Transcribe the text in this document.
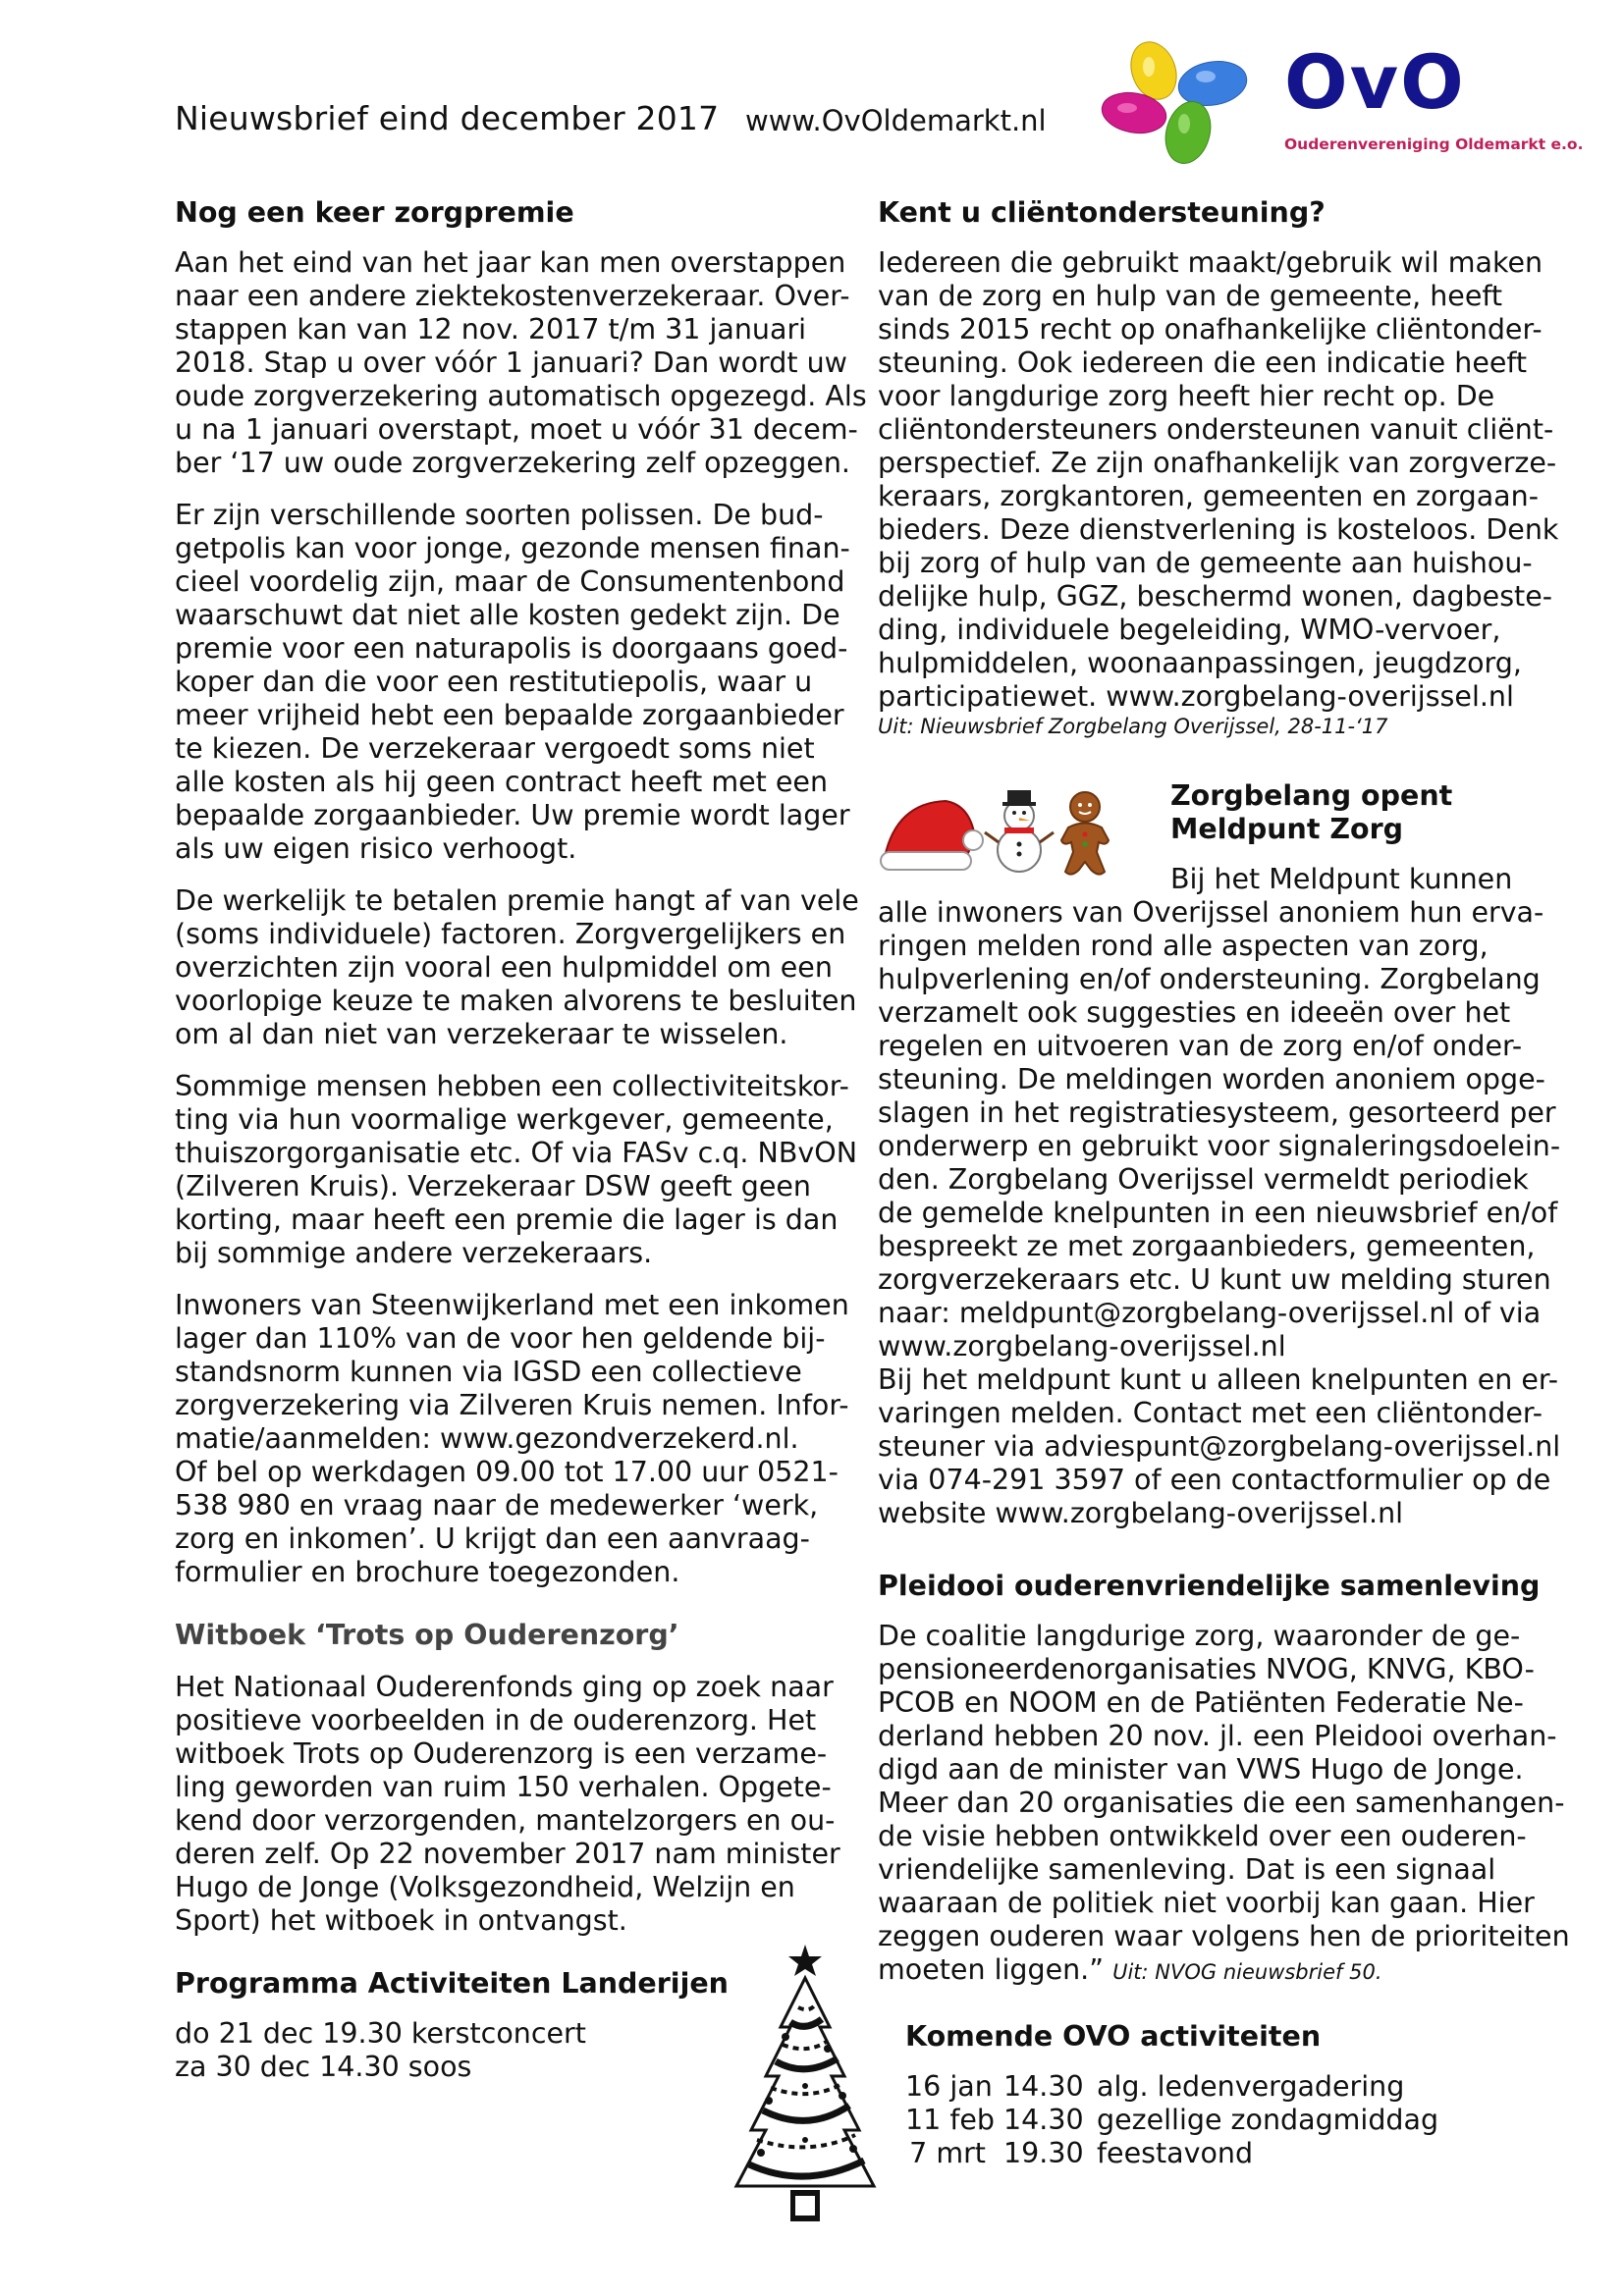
Nieuwsbrief eind december 2017 www.OvOldemarkt.nl	OvO
Ouderenvereniging Oldemarkt e.o.

Nog een keer zorgpremie

Aan het eind van het jaar kan men overstappen

naar een andere ziektekostenverzekeraar. Over-

stappen kan van 12 nov. 2017 t/m 31 januari

2018. Stap u over vóór 1 januari? Dan wordt uw

oude zorgverzekering automatisch opgezegd. Als

u na 1 januari overstapt, moet u vóór 31 decem-

ber ‘17 uw oude zorgverzekering zelf opzeggen.

Er zijn verschillende soorten polissen. De bud-

getpolis kan voor jonge, gezonde mensen finan-

cieel voordelig zijn, maar de Consumentenbond

waarschuwt dat niet alle kosten gedekt zijn. De

premie voor een naturapolis is doorgaans goed-

koper dan die voor een restitutiepolis, waar u

meer vrijheid hebt een bepaalde zorgaanbieder

te kiezen. De verzekeraar vergoedt soms niet

alle kosten als hij geen contract heeft met een

bepaalde zorgaanbieder. Uw premie wordt lager

als uw eigen risico verhoogt.

De werkelijk te betalen premie hangt af van vele

(soms individuele) factoren. Zorgvergelijkers en

overzichten zijn vooral een hulpmiddel om een

voorlopige keuze te maken alvorens te besluiten

om al dan niet van verzekeraar te wisselen.

Sommige mensen hebben een collectiviteitskor-

ting via hun voormalige werkgever, gemeente,

thuiszorgorganisatie etc. Of via FASv c.q. NBvON

(Zilveren Kruis). Verzekeraar DSW geeft geen

korting, maar heeft een premie die lager is dan

bij sommige andere verzekeraars.

Inwoners van Steenwijkerland met een inkomen

lager dan 110% van de voor hen geldende bij-

standsnorm kunnen via IGSD een collectieve

zorgverzekering via Zilveren Kruis nemen. Infor-

matie/aanmelden: www.gezondverzekerd.nl.

Of bel op werkdagen 09.00 tot 17.00 uur 0521-

538 980 en vraag naar de medewerker ‘werk,

zorg en inkomen’. U krijgt dan een aanvraag-

formulier en brochure toegezonden.

Witboek ‘Trots op Ouderenzorg’

Het Nationaal Ouderenfonds ging op zoek naar

positieve voorbeelden in de ouderenzorg. Het

witboek Trots op Ouderenzorg is een verzame-

ling geworden van ruim 150 verhalen. Opgete-

kend door verzorgenden, mantelzorgers en ou-

deren zelf. Op 22 november 2017 nam minister

Hugo de Jonge (Volksgezondheid, Welzijn en

Sport) het witboek in ontvangst.

Programma Activiteiten Landerijen

do 21 dec 19.30 kerstconcert

za 30 dec 14.30 soos

Kent u cliëntondersteuning?

Iedereen die gebruikt maakt/gebruik wil maken

van de zorg en hulp van de gemeente, heeft

sinds 2015 recht op onafhankelijke cliëntonder-

steuning. Ook iedereen die een indicatie heeft

voor langdurige zorg heeft hier recht op. De

cliëntondersteuners ondersteunen vanuit cliënt-

perspectief. Ze zijn onafhankelijk van zorgverze-

keraars, zorgkantoren, gemeenten en zorgaan-

bieders. Deze dienstverlening is kosteloos. Denk

bij zorg of hulp van de gemeente aan huishou-

delijke hulp, GGZ, beschermd wonen, dagbeste-

ding, individuele begeleiding, WMO-vervoer,

hulpmiddelen, woonaanpassingen, jeugdzorg,

participatiewet. www.zorgbelang-overijssel.nl

Uit: Nieuwsbrief Zorgbelang Overijssel, 28-11-‘17

Zorgbelang opent

Meldpunt Zorg

Bij het Meldpunt kunnen

alle inwoners van Overijssel anoniem hun erva-

ringen melden rond alle aspecten van zorg,

hulpverlening en/of ondersteuning. Zorgbelang

verzamelt ook suggesties en ideeën over het

regelen en uitvoeren van de zorg en/of onder-

steuning. De meldingen worden anoniem opge-

slagen in het registratiesysteem, gesorteerd per

onderwerp en gebruikt voor signaleringsdoelein-

den. Zorgbelang Overijssel vermeldt periodiek

de gemelde knelpunten in een nieuwsbrief en/of

bespreekt ze met zorgaanbieders, gemeenten,

zorgverzekeraars etc. U kunt uw melding sturen

naar: meldpunt@zorgbelang-overijssel.nl of via

www.zorgbelang-overijssel.nl

Bij het meldpunt kunt u alleen knelpunten en er-

varingen melden. Contact met een cliëntonder-

steuner via adviespunt@zorgbelang-overijssel.nl

via 074-291 3597 of een contactformulier op de

website www.zorgbelang-overijssel.nl

Pleidooi ouderenvriendelijke samenleving

De coalitie langdurige zorg, waaronder de ge-

pensioneerdenorganisaties NVOG, KNVG, KBO-

PCOB en NOOM en de Patiënten Federatie Ne-

derland hebben 20 nov. jl. een Pleidooi overhan-

digd aan de minister van VWS Hugo de Jonge.

Meer dan 20 organisaties die een samenhangen-

de visie hebben ontwikkeld over een ouderen-

vriendelijke samenleving. Dat is een signaal

waaraan de politiek niet voorbij kan gaan. Hier

zeggen ouderen waar volgens hen de prioriteiten

moeten liggen.” Uit: NVOG nieuwsbrief 50.

Komende OVO activiteiten

16 jan 14.30 alg. ledenvergadering
11 feb 14.30 gezellige zondagmiddag
7 mrt 19.30 feestavond
